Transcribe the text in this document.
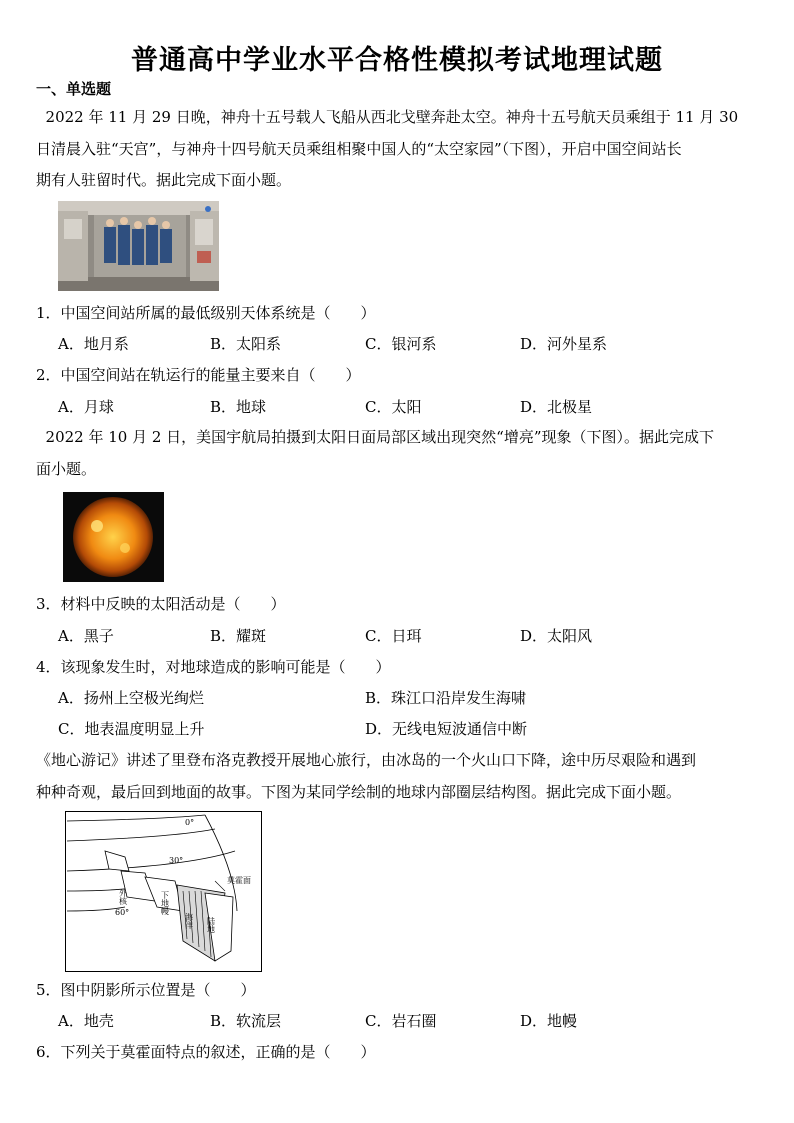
普通高中学业水平合格性模拟考试地理试题
一、单选题
2022 年 11 月 29 日晚，神舟十五号载人飞船从西北戈壁奔赴太空。神舟十五号航天员乘组于 11 月 30
日清晨入驻“天宫”，与神舟十四号航天员乘组相聚中国人的“太空家园”（下图），开启中国空间站长
期有人驻留时代。据此完成下面小题。
1．中国空间站所属的最低级别天体系统是（　　）
A．地月系	B．太阳系	C．银河系	D．河外星系
2．中国空间站在轨运行的能量主要来自（　　）
A．月球	B．地球	C．太阳	D．北极星
2022 年 10 月 2 日，美国宇航局拍摄到太阳日面局部区域出现突然“增亮”现象（下图）。据此完成下
面小题。
3．材料中反映的太阳活动是（　　）
A．黑子	B．耀斑	C．日珥	D．太阳风
4．该现象发生时，对地球造成的影响可能是（　　）
A．扬州上空极光绚烂	B．珠江口沿岸发生海啸
C．地表温度明显上升	D．无线电短波通信中断
《地心游记》讲述了里登布洛克教授开展地心旅行，由冰岛的一个火山口下降，途中历尽艰险和遇到
种种奇观，最后回到地面的故事。下图为某同学绘制的地球内部圈层结构图。据此完成下面小题。
0°
30°
60°
莫霍面
外核	下地幔
海洋 陆地
5．图中阴影所示位置是（　　）
A．地壳	B．软流层	C．岩石圈	D．地幔
6．下列关于莫霍面特点的叙述，正确的是（　　）
